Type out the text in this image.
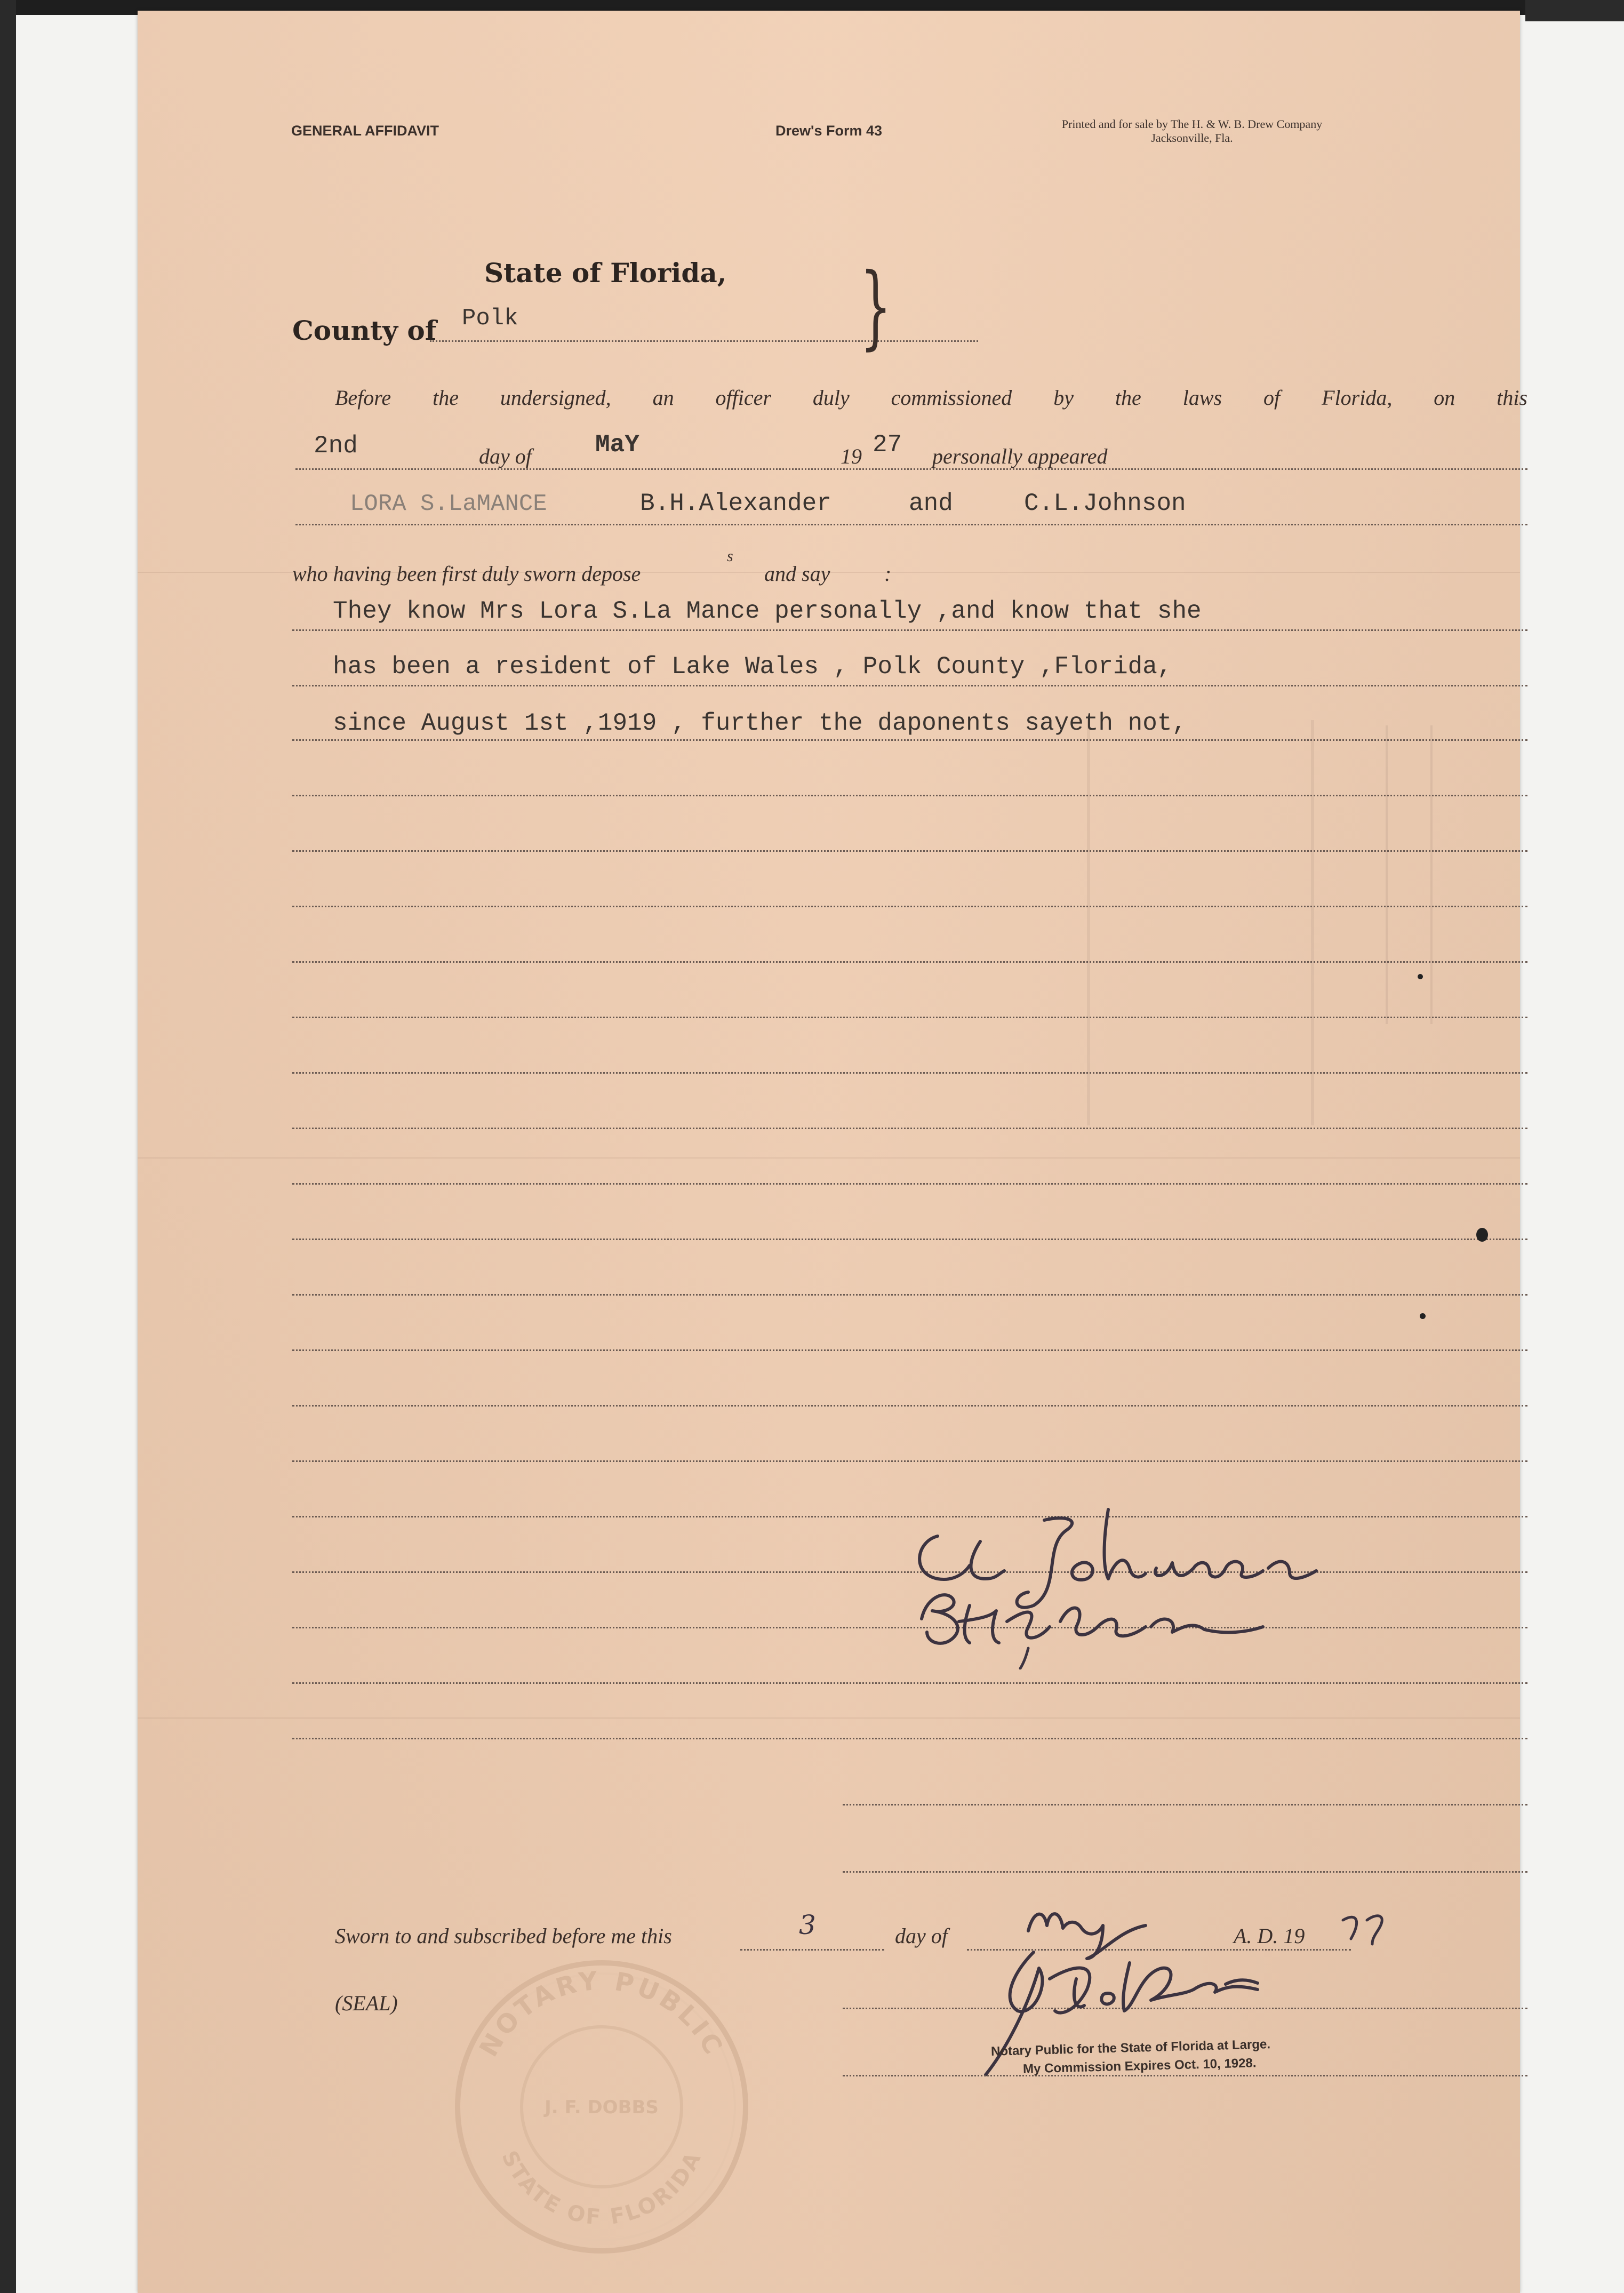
GENERAL AFFIDAVIT	Drew's Form 43	Printed and for sale by The H. & W. B. Drew Company
Jacksonville, Fla.
State of Florida,
County of Polk	}
Before the undersigned, an officer duly commissioned by the laws of Florida, on this
2nd	day of	MaY	19 27 personally appeared
LORA S.LaMANCE	B.H.Alexander	and	C.L.Johnson
who having been first duly sworn depose
s
and say	:
They know Mrs Lora S.La Mance personally ,and know that she
has been a resident of Lake Wales , Polk County ,Florida,
since August 1st ,1919 , further the daponents sayeth not,
Sworn to and subscribed before me this	3	day of	A. D. 19
(SEAL)
Notary Public for the State of Florida at Large.
My Commission Expires Oct. 10, 1928.
NOTARY PUBLIC
STATE OF FLORIDA
J. F. DOBBS
